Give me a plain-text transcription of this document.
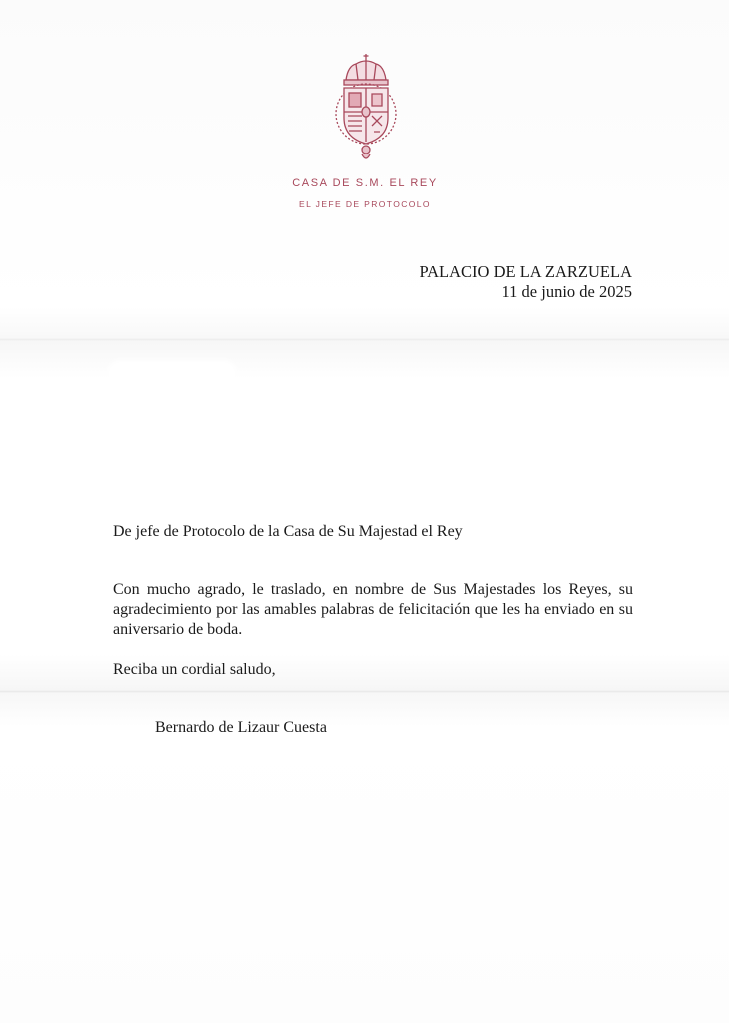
CASA DE S.M. EL REY
EL JEFE DE PROTOCOLO
PALACIO DE LA ZARZUELA
11 de junio de 2025
De jefe de Protocolo de la Casa de Su Majestad el Rey
Con mucho agrado, le traslado, en nombre de Sus Majestades los Reyes, su agradecimiento por las amables palabras de felicitación que les ha enviado en su aniversario de boda.
Reciba un cordial saludo,
Bernardo de Lizaur Cuesta
